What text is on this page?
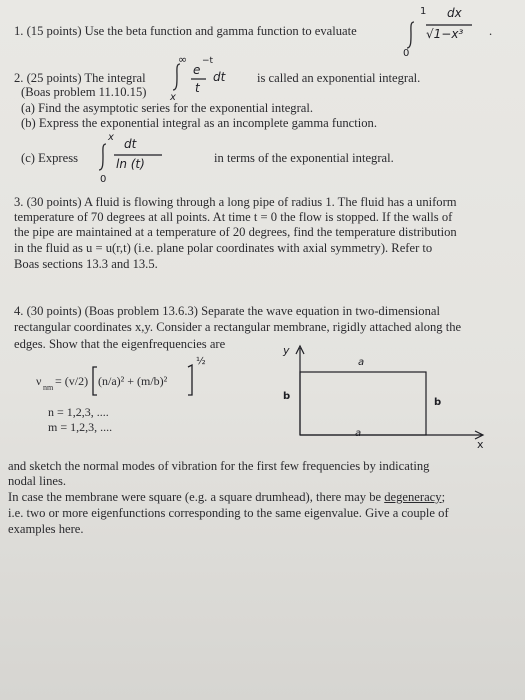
1. (15 points) Use the beta function and gamma function to evaluate
1 dx
√1−x³
0
.
2. (25 points) The integral
∞
e
−t
t
dt
x
is called an exponential integral.
(Boas problem 11.10.15)
(a) Find the asymptotic series for the exponential integral.
(b) Express the exponential integral as an incomplete gamma function.
(c) Express
x dt
ln (t)
0
in terms of the exponential integral.
3. (30 points) A fluid is flowing through a long pipe of radius 1. The fluid has a uniform
temperature of 70 degrees at all points. At time t = 0 the flow is stopped. If the walls of
the pipe are maintained at a temperature of 20 degrees, find the temperature distribution
in the fluid as u = u(r,t) (i.e. plane polar coordinates with axial symmetry). Refer to
Boas sections 13.3 and 13.5.
4. (30 points) (Boas problem 13.6.3) Separate the wave equation in two-dimensional
rectangular coordinates x,y. Consider a rectangular membrane, rigidly attached along the
edges. Show that the eigenfrequencies are
ν nm = (v/2) (n/a)² + (m/b)²
½
n = 1,2,3, ....
m = 1,2,3, ....
y
x
a
a
b
b
and sketch the normal modes of vibration for the first few frequencies by indicating
nodal lines.
In case the membrane were square (e.g. a square drumhead), there may be degeneracy;
i.e. two or more eigenfunctions corresponding to the same eigenvalue. Give a couple of
examples here.
